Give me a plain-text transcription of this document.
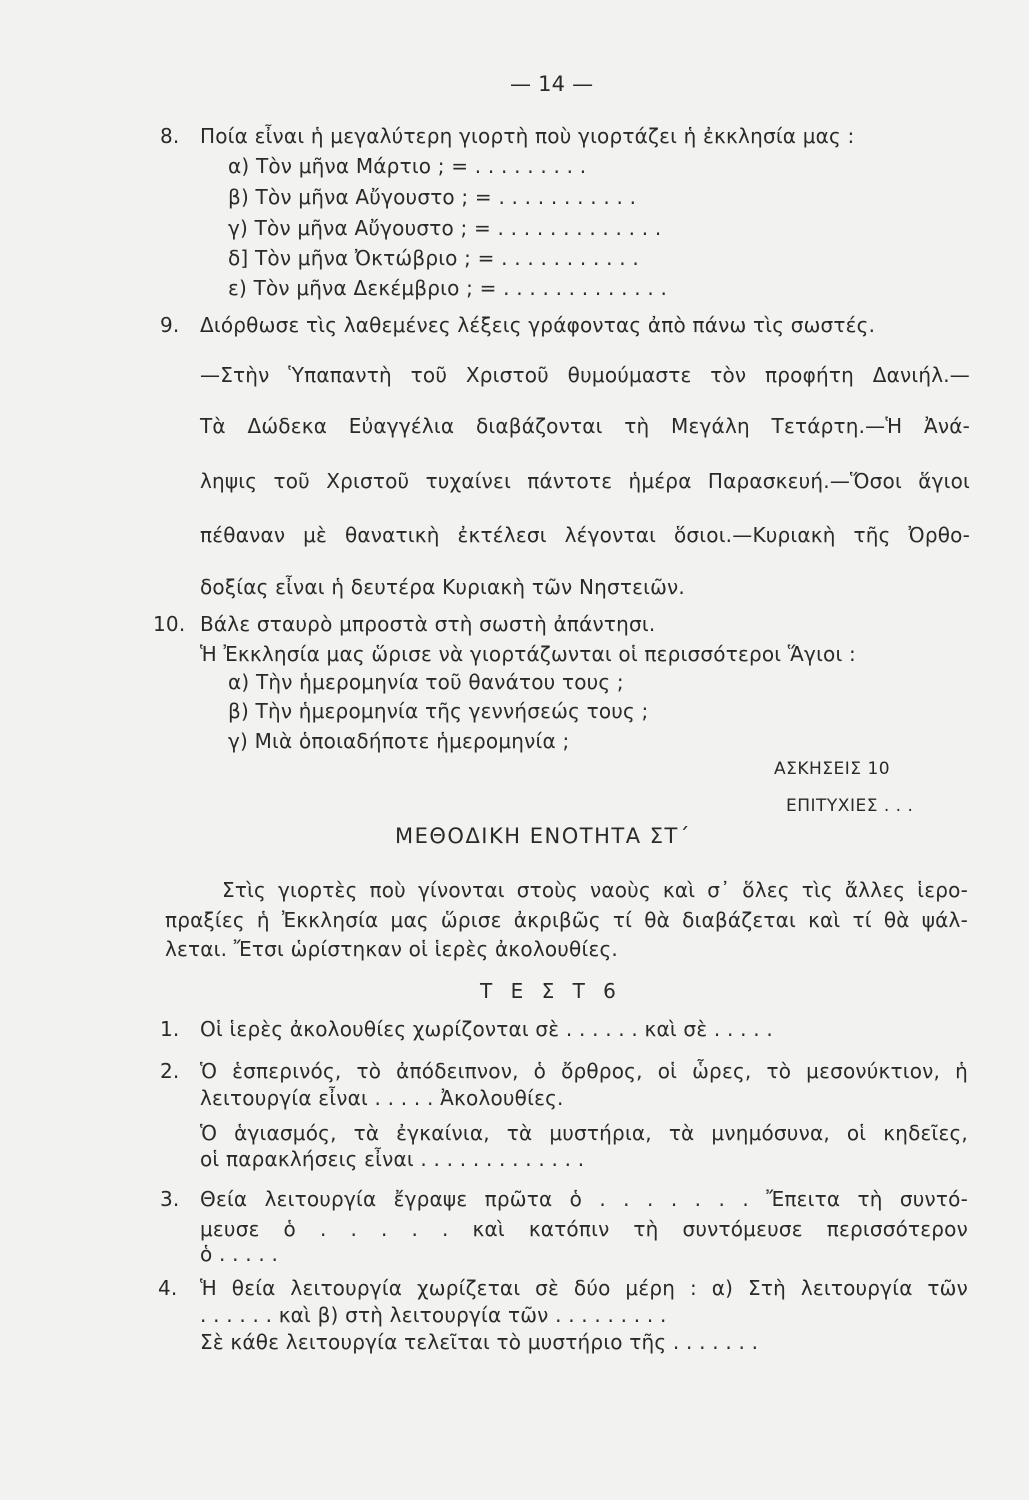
— 14 —
8. Ποία εἶναι ἡ μεγαλύτερη γιορτὴ ποὺ γιορτάζει ἡ ἐκκλησία μας :
α) Τὸν μῆνα Μάρτιο ; = . . . . . . . . .
β) Τὸν μῆνα Αὔγουστο ; = . . . . . . . . . . .
γ) Τὸν μῆνα Αὔγουστο ; = . . . . . . . . . . . . .
δ] Τὸν μῆνα Ὀκτώβριο ; = . . . . . . . . . . .
ε) Τὸν μῆνα Δεκέμβριο ; = . . . . . . . . . . . . .
9. Διόρθωσε τὶς λαθεμένες λέξεις γράφοντας ἀπὸ πάνω τὶς σωστές.
—Στὴν Ὑπαπαντὴ τοῦ Χριστοῦ θυμούμαστε τὸν προφήτη Δανιήλ.—
Τὰ Δώδεκα Εὐαγγέλια διαβάζονται τὴ Μεγάλη Τετάρτη.—Ἡ Ἀνά-
ληψις τοῦ Χριστοῦ τυχαίνει πάντοτε ἡμέρα Παρασκευή.—Ὅσοι ἅγιοι
πέθαναν μὲ θανατικὴ ἐκτέλεσι λέγονται ὅσιοι.—Κυριακὴ τῆς Ὀρθο-
δοξίας εἶναι ἡ δευτέρα Κυριακὴ τῶν Νηστειῶν.
10. Βάλε σταυρὸ μπροστὰ στὴ σωστὴ ἀπάντησι.
Ἡ Ἐκκλησία μας ὥρισε νὰ γιορτάζωνται οἱ περισσότεροι Ἅγιοι :
α) Τὴν ἡμερομηνία τοῦ θανάτου τους ;
β) Τὴν ἡμερομηνία τῆς γεννήσεώς τους ;
γ) Μιὰ ὁποιαδήποτε ἡμερομηνία ;
ΑΣΚΗΣΕΙΣ 10
ΕΠΙΤΥΧΙΕΣ . . .
ΜΕΘΟΔΙΚΗ ΕΝΟΤΗΤΑ ΣΤ΄
Στὶς γιορτὲς ποὺ γίνονται στοὺς ναοὺς καὶ σ᾿ ὅλες τὶς ἄλλες ἱερο-
πραξίες ἡ Ἐκκλησία μας ὥρισε ἀκριβῶς τί θὰ διαβάζεται καὶ τί θὰ ψάλ-
λεται. Ἔτσι ὡρίστηκαν οἱ ἱερὲς ἀκολουθίες.
Τ Ε Σ Τ 6
1. Οἱ ἱερὲς ἀκολουθίες χωρίζονται σὲ . . . . . . καὶ σὲ . . . . .
2. Ὁ ἑσπερινός, τὸ ἀπόδειπνον, ὁ ὄρθρος, οἱ ὧρες, τὸ μεσονύκτιον, ἡ
λειτουργία εἶναι . . . . . Ἀκολουθίες.
Ὁ ἁγιασμός, τὰ ἐγκαίνια, τὰ μυστήρια, τὰ μνημόσυνα, οἱ κηδεῖες,
οἱ παρακλήσεις εἶναι . . . . . . . . . . . . .
3. Θεία λειτουργία ἔγραψε πρῶτα ὁ . . . . . . . Ἔπειτα τὴ συντό-
μευσε ὁ . . . . . καὶ κατόπιν τὴ συντόμευσε περισσότερον
ὁ . . . . .
4. Ἡ θεία λειτουργία χωρίζεται σὲ δύο μέρη : α) Στὴ λειτουργία τῶν
. . . . . . καὶ β) στὴ λειτουργία τῶν . . . . . . . . .
Σὲ κάθε λειτουργία τελεῖται τὸ μυστήριο τῆς . . . . . . .
